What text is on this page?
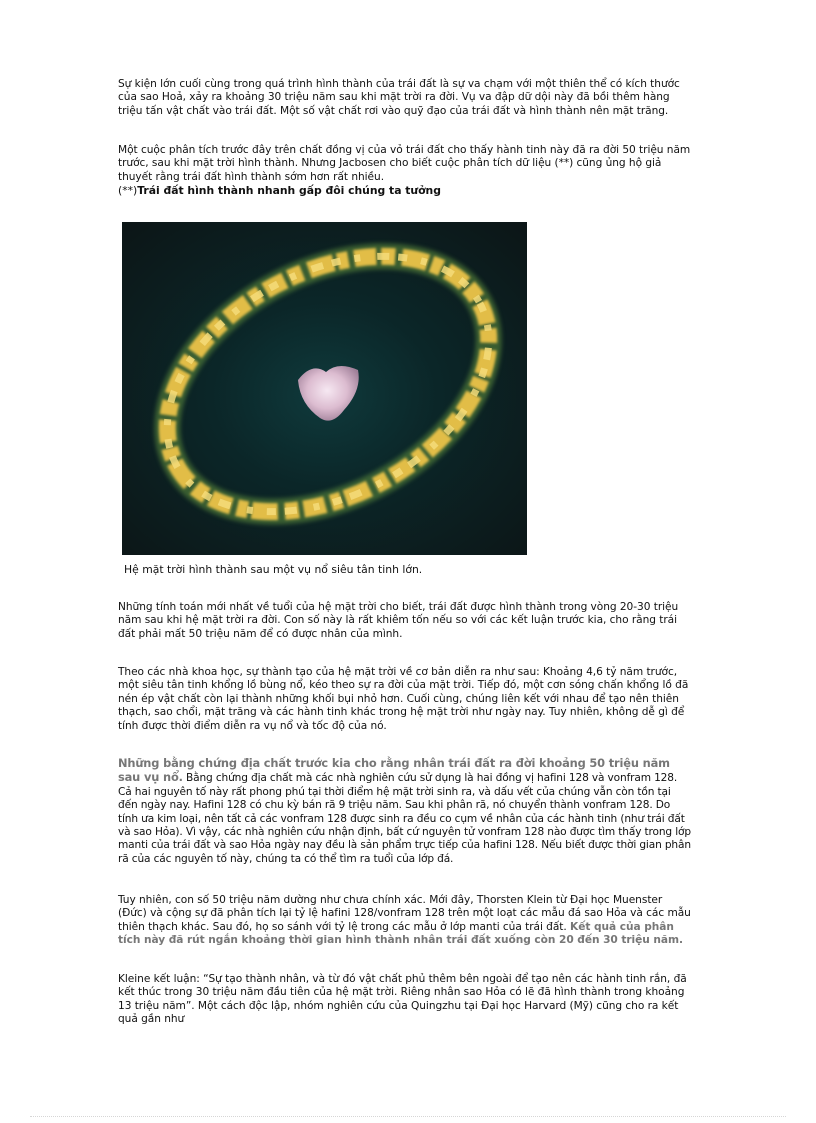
Sự kiện lớn cuối cùng trong quá trình hình thành của trái đất là sự va chạm với một thiên thể có kích thước của sao Hoả, xảy ra khoảng 30 triệu năm sau khi mặt trời ra đời. Vụ va đập dữ dội này đã bồi thêm hàng triệu tấn vật chất vào trái đất. Một số vật chất rơi vào quỹ đạo của trái đất và hình thành nên mặt trăng.

Một cuộc phân tích trước đây trên chất đồng vị của vỏ trái đất cho thấy hành tinh này đã ra đời 50 triệu năm trước, sau khi mặt trời hình thành. Nhưng Jacbosen cho biết cuộc phân tích dữ liệu (**) cũng ủng hộ giả thuyết rằng trái đất hình thành sớm hơn rất nhiều.

(**)Trái đất hình thành nhanh gấp đôi chúng ta tưởng
Hệ mặt trời hình thành sau một vụ nổ siêu tân tinh lớn.

Những tính toán mới nhất về tuổi của hệ mặt trời cho biết, trái đất được hình thành trong vòng 20-30 triệu năm sau khi hệ mặt trời ra đời. Con số này là rất khiêm tốn nếu so với các kết luận trước kia, cho rằng trái đất phải mất 50 triệu năm để có được nhân của mình.

Theo các nhà khoa học, sự thành tạo của hệ mặt trời về cơ bản diễn ra như sau: Khoảng 4,6 tỷ năm trước, một siêu tân tinh khổng lồ bùng nổ, kéo theo sự ra đời của mặt trời. Tiếp đó, một cơn sóng chấn khổng lồ đã nén ép vật chất còn lại thành những khối bụi nhỏ hơn. Cuối cùng, chúng liên kết với nhau để tạo nên thiên thạch, sao chổi, mặt trăng và các hành tinh khác trong hệ mặt trời như ngày nay. Tuy nhiên, không dễ gì để tính được thời điểm diễn ra vụ nổ và tốc độ của nó.

Những bằng chứng địa chất trước kia cho rằng nhân trái đất ra đời khoảng 50 triệu năm sau vụ nổ. Bằng chứng địa chất mà các nhà nghiên cứu sử dụng là hai đồng vị hafini 128 và vonfram 128. Cả hai nguyên tố này rất phong phú tại thời điểm hệ mặt trời sinh ra, và dấu vết của chúng vẫn còn tồn tại đến ngày nay. Hafini 128 có chu kỳ bán rã 9 triệu năm. Sau khi phân rã, nó chuyển thành vonfram 128. Do tính ưa kim loại, nên tất cả các vonfram 128 được sinh ra đều co cụm về nhân của các hành tinh (như trái đất và sao Hỏa). Vì vậy, các nhà nghiên cứu nhận định, bất cứ nguyên tử vonfram 128 nào được tìm thấy trong lớp manti của trái đất và sao Hỏa ngày nay đều là sản phẩm trực tiếp của hafini 128. Nếu biết được thời gian phân rã của các nguyên tố này, chúng ta có thể tìm ra tuổi của lớp đá.

Tuy nhiên, con số 50 triệu năm dường như chưa chính xác. Mới đây, Thorsten Klein từ Đại học Muenster (Đức) và cộng sự đã phân tích lại tỷ lệ hafini 128/vonfram 128 trên một loạt các mẫu đá sao Hỏa và các mẫu thiên thạch khác. Sau đó, họ so sánh với tỷ lệ trong các mẫu ở lớp manti của trái đất. Kết quả của phân tích này đã rút ngắn khoảng thời gian hình thành nhân trái đất xuống còn 20 đến 30 triệu năm.

Kleine kết luận: “Sự tạo thành nhân, và từ đó vật chất phủ thêm bên ngoài để tạo nên các hành tinh rắn, đã kết thúc trong 30 triệu năm đầu tiên của hệ mặt trời. Riêng nhân sao Hỏa có lẽ đã hình thành trong khoảng 13 triệu năm”. Một cách độc lập, nhóm nghiên cứu của Quingzhu tại Đại học Harvard (Mỹ) cũng cho ra kết quả gần như
